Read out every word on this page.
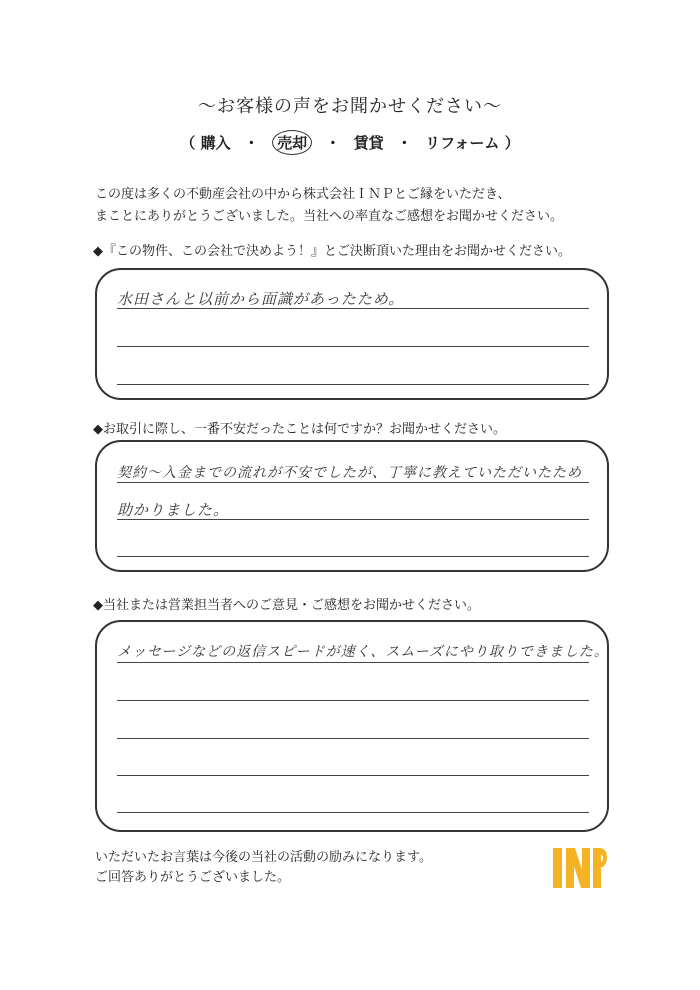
〜お客様の声をお聞かせください〜
（ 購入 ・ 売却 ・ 賃貸 ・ リフォーム ）
この度は多くの不動産会社の中から株式会社ＩＮＰとご縁をいただき、
まことにありがとうございました。当社への率直なご感想をお聞かせください。
◆『この物件、この会社で決めよう！』とご決断頂いた理由をお聞かせください。
水田さんと以前から面識があったため。
◆お取引に際し、一番不安だったことは何ですか？お聞かせください。
契約〜入金までの流れが不安でしたが、丁寧に教えていただいたため
助かりました。
◆当社または営業担当者へのご意見・ご感想をお聞かせください。
メッセージなどの返信スピードが速く、スムーズにやり取りできました。
いただいたお言葉は今後の当社の活動の励みになります。
ご回答ありがとうございました。
